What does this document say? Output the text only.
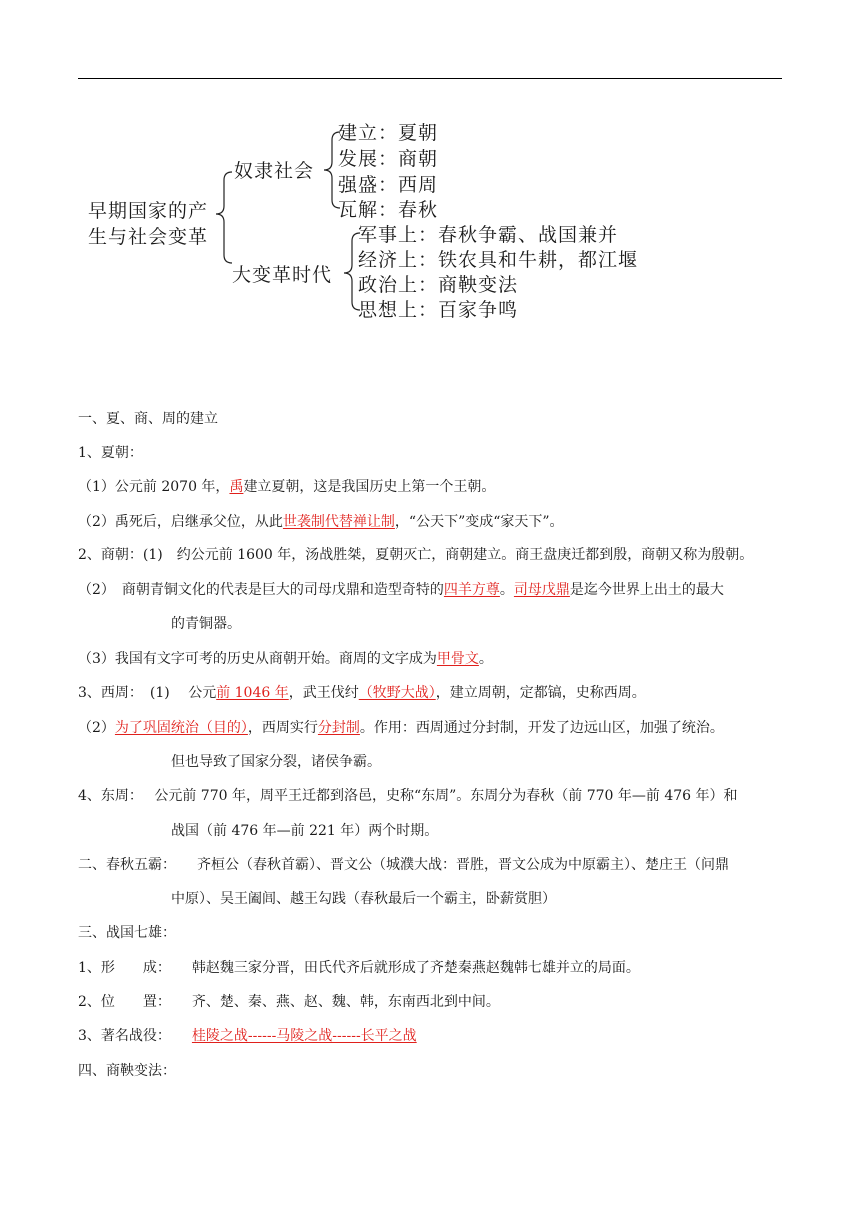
早期国家的产
生与社会变革
奴隶社会
建立：夏朝
发展：商朝
强盛：西周
瓦解：春秋
大变革时代
军事上：春秋争霸、战国兼并
经济上：铁农具和牛耕，都江堰
政治上：商鞅变法
思想上：百家争鸣
一、夏、商、周的建立
1、夏朝：
（1）公元前 2070 年，禹建立夏朝，这是我国历史上第一个王朝。
（2）禹死后，启继承父位，从此世袭制代替禅让制，“公天下”变成“家天下”。
2、商朝：(1)　约公元前 1600 年，汤战胜桀，夏朝灭亡，商朝建立。商王盘庚迁都到殷，商朝又称为殷朝。
（2）　商朝青铜文化的代表是巨大的司母戊鼎和造型奇特的四羊方尊。司母戊鼎是迄今世界上出土的最大
的青铜器。
（3）我国有文字可考的历史从商朝开始。商周的文字成为甲骨文。
3、西周：　(1)　 公元前 1046 年，武王伐纣（牧野大战），建立周朝，定都镐，史称西周。
（2）为了巩固统治（目的），西周实行分封制。作用：西周通过分封制，开发了边远山区，加强了统治。
但也导致了国家分裂，诸侯争霸。
4、东周：　 公元前 770 年，周平王迁都到洛邑，史称“东周”。东周分为春秋（前 770 年—前 476 年）和
战国（前 476 年—前 221 年）两个时期。
二、春秋五霸：　　齐桓公（春秋首霸）、晋文公（城濮大战：晋胜，晋文公成为中原霸主）、楚庄王（问鼎
中原）、吴王阖闾、越王勾践（春秋最后一个霸主，卧薪赏胆）
三、战国七雄：
1、形　　成：　　韩赵魏三家分晋，田氏代齐后就形成了齐楚秦燕赵魏韩七雄并立的局面。
2、位　　置：　　齐、楚、秦、燕、赵、魏、韩，东南西北到中间。
3、著名战役：　　桂陵之战------马陵之战------长平之战
四、商鞅变法：
